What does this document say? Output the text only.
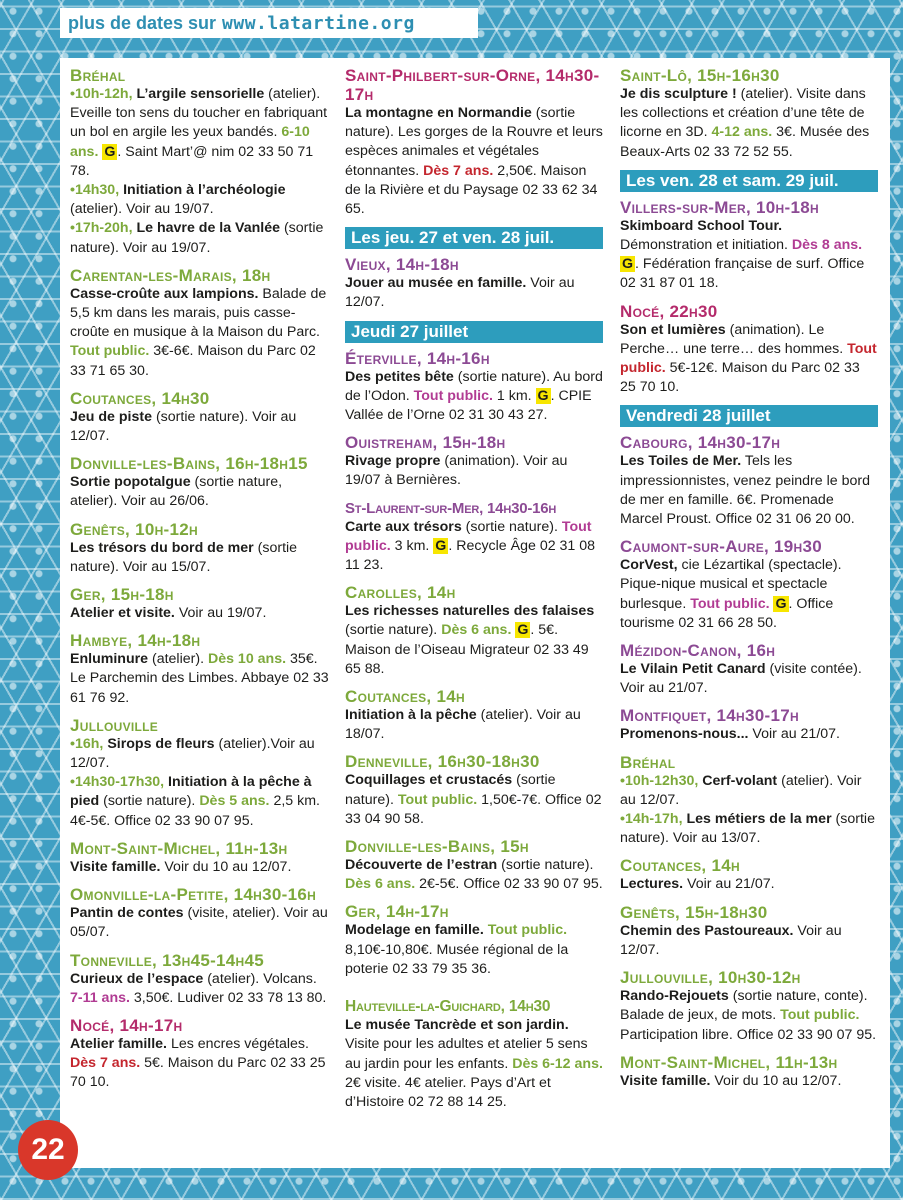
plus de dates sur www.latartine.org
Bréhal

•10h-12h, L’argile sensorielle (atelier). Eveille ton sens du toucher en fabriquant un bol en argile les yeux bandés. 6-10 ans. G . Saint Mart’@ nim 02 33 50 71 78.

•14h30, Initiation à l’archéologie (atelier). Voir au 19/07.

•17h-20h, Le havre de la Vanlée (sortie nature). Voir au 19/07.

Carentan-les-Marais, 18h

Casse-croûte aux lampions. Balade de 5,5 km dans les marais, puis casse-croûte en musique à la Maison du Parc. Tout public. 3€-6€. Maison du Parc 02 33 71 65 30.

Coutances, 14h30

Jeu de piste (sortie nature). Voir au 12/07.

Donville-les-Bains, 16h-18h15

Sortie popotalgue (sortie nature, atelier). Voir au 26/06.

Genêts, 10h-12h

Les trésors du bord de mer (sortie nature). Voir au 15/07.

Ger, 15h-18h

Atelier et visite. Voir au 19/07.

Hambye, 14h-18h

Enluminure (atelier). Dès 10 ans. 35€. Le Parchemin des Limbes. Abbaye 02 33 61 76 92.

Jullouville

•16h, Sirops de fleurs (atelier).Voir au 12/07.

•14h30-17h30, Initiation à la pêche à pied (sortie nature). Dès 5 ans. 2,5 km. 4€-5€. Office 02 33 90 07 95.

Mont-Saint-Michel, 11h-13h

Visite famille. Voir du 10 au 12/07.

Omonville-la-Petite, 14h30-16h

Pantin de contes (visite, atelier). Voir au 05/07.

Tonneville, 13h45-14h45

Curieux de l’espace (atelier). Volcans. 7-11 ans. 3,50€. Ludiver 02 33 78 13 80.

Nocé, 14h-17h

Atelier famille. Les encres végétales. Dès 7 ans. 5€. Maison du Parc 02 33 25 70 10.

Saint-Philbert-sur-Orne, 14h30-17h

La montagne en Normandie (sortie nature). Les gorges de la Rouvre et leurs espèces animales et végétales étonnantes. Dès 7 ans. 2,50€. Maison de la Rivière et du Paysage 02 33 62 34 65.

Les jeu. 27 et ven. 28 juil.
Vieux, 14h-18h

Jouer au musée en famille. Voir au 12/07.

Jeudi 27 juillet
Éterville, 14h-16h

Des petites bête (sortie nature). Au bord de l’Odon. Tout public. 1 km. G . CPIE Vallée de l’Orne 02 31 30 43 27.

Ouistreham, 15h-18h

Rivage propre (animation). Voir au 19/07 à Bernières.

St-Laurent-sur-Mer, 14h30-16h

Carte aux trésors (sortie nature). Tout public. 3 km. G . Recycle Âge 02 31 08 11 23.

Carolles, 14h

Les richesses naturelles des falaises (sortie nature). Dès 6 ans. G . 5€. Maison de l’Oiseau Migrateur 02 33 49 65 88.

Coutances, 14h

Initiation à la pêche (atelier). Voir au 18/07.

Denneville, 16h30-18h30

Coquillages et crustacés (sortie nature). Tout public. 1,50€-7€. Office 02 33 04 90 58.

Donville-les-Bains, 15h

Découverte de l’estran (sortie nature). Dès 6 ans. 2€-5€. Office 02 33 90 07 95.

Ger, 14h-17h

Modelage en famille. Tout public. 8,10€-10,80€. Musée régional de la poterie 02 33 79 35 36.

Hauteville-la-Guichard, 14h30

Le musée Tancrède et son jardin. Visite pour les adultes et atelier 5 sens au jardin pour les enfants. Dès 6-12 ans. 2€ visite. 4€ atelier. Pays d’Art et d’Histoire 02 72 88 14 25.

Saint-Lô, 15h-16h30

Je dis sculpture ! (atelier). Visite dans les collections et création d’une tête de licorne en 3D. 4-12 ans. 3€. Musée des Beaux-Arts 02 33 72 52 55.

Les ven. 28 et sam. 29 juil.
Villers-sur-Mer, 10h-18h

Skimboard School Tour. Démonstration et initiation. Dès 8 ans. G . Fédération française de surf. Office 02 31 87 01 18.

Nocé, 22h30

Son et lumières (animation). Le Perche… une terre… des hommes. Tout public. 5€-12€. Maison du Parc 02 33 25 70 10.

Vendredi 28 juillet
Cabourg, 14h30-17h

Les Toiles de Mer. Tels les impressionnistes, venez peindre le bord de mer en famille. 6€. Promenade Marcel Proust. Office 02 31 06 20 00.

Caumont-sur-Aure, 19h30

CorVest, cie Lézartikal (spectacle). Pique-nique musical et spectacle burlesque. Tout public. G . Office tourisme 02 31 66 28 50.

Mézidon-Canon, 16h

Le Vilain Petit Canard (visite contée). Voir au 21/07.

Montfiquet, 14h30-17h

Promenons-nous... Voir au 21/07.

Bréhal

•10h-12h30, Cerf-volant (atelier). Voir au 12/07.

•14h-17h, Les métiers de la mer (sortie nature). Voir au 13/07.

Coutances, 14h

Lectures. Voir au 21/07.

Genêts, 15h-18h30

Chemin des Pastoureaux. Voir au 12/07.

Jullouville, 10h30-12h

Rando-Rejouets (sortie nature, conte). Balade de jeux, de mots. Tout public. Participation libre. Office 02 33 90 07 95.

Mont-Saint-Michel, 11h-13h

Visite famille. Voir du 10 au 12/07.

22
